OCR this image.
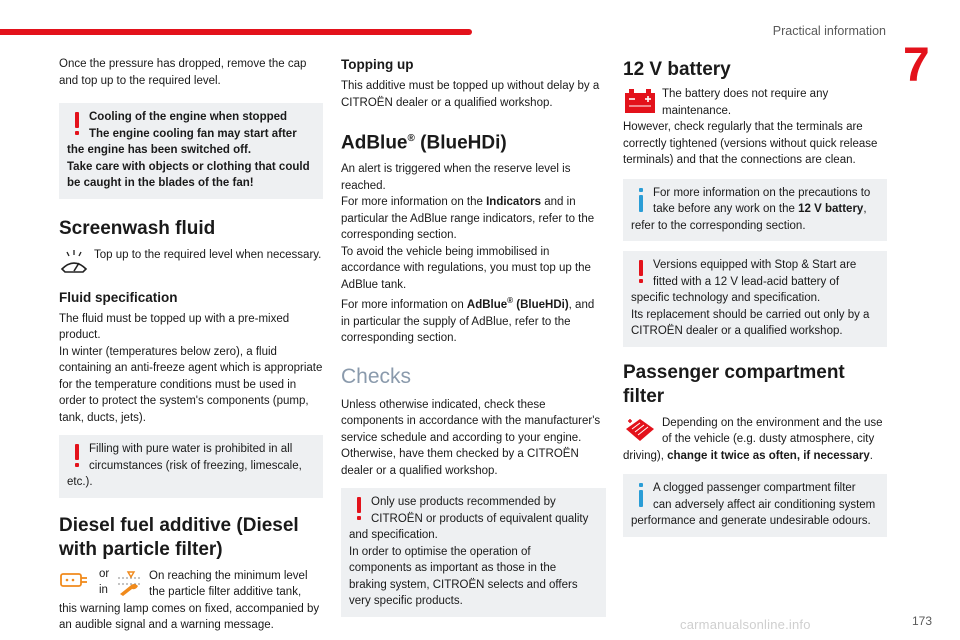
Practical information
7

Once the pressure has dropped, remove the cap and top up to the required level.

Cooling of the engine when stopped
The engine cooling fan may start after the engine has been switched off.
Take care with objects or clothing that could be caught in the blades of the fan!
Screenwash fluid

Top up to the required level when necessary.

Fluid specification

The fluid must be topped up with a pre-mixed product.

In winter (temperatures below zero), a fluid containing an anti-freeze agent which is appropriate for the temperature conditions must be used in order to protect the system's components (pump, tank, ducts, jets).

Filling with pure water is prohibited in all circumstances (risk of freezing, limescale, etc.).
Diesel fuel additive (Diesel with particle filter)
or
in
On reaching the minimum level
the particle filter additive tank,

this warning lamp comes on fixed, accompanied by an audible signal and a warning message.

Topping up

This additive must be topped up without delay by a CITROËN dealer or a qualified workshop.

AdBlue® (BlueHDi)

An alert is triggered when the reserve level is reached.

For more information on the Indicators and in particular the AdBlue range indicators, refer to the corresponding section.

To avoid the vehicle being immobilised in accordance with regulations, you must top up the AdBlue tank.

For more information on AdBlue® (BlueHDi), and in particular the supply of AdBlue, refer to the corresponding section.

Checks

Unless otherwise indicated, check these components in accordance with the manufacturer's service schedule and according to your engine.

Otherwise, have them checked by a CITROËN dealer or a qualified workshop.

Only use products recommended by CITROËN or products of equivalent quality and specification.
In order to optimise the operation of components as important as those in the braking system, CITROËN selects and offers very specific products.
12 V battery

The battery does not require any maintenance.

However, check regularly that the terminals are correctly tightened (versions without quick release terminals) and that the connections are clean.

For more information on the precautions to take before any work on the 12 V battery, refer to the corresponding section.
Versions equipped with Stop & Start are fitted with a 12 V lead-acid battery of specific technology and specification.
Its replacement should be carried out only by a CITROËN dealer or a qualified workshop.
Passenger compartment filter

Depending on the environment and the use of the vehicle (e.g. dusty atmosphere, city driving), change it twice as often, if necessary.

A clogged passenger compartment filter can adversely affect air conditioning system performance and generate undesirable odours.
carmanualsonline.info	173
